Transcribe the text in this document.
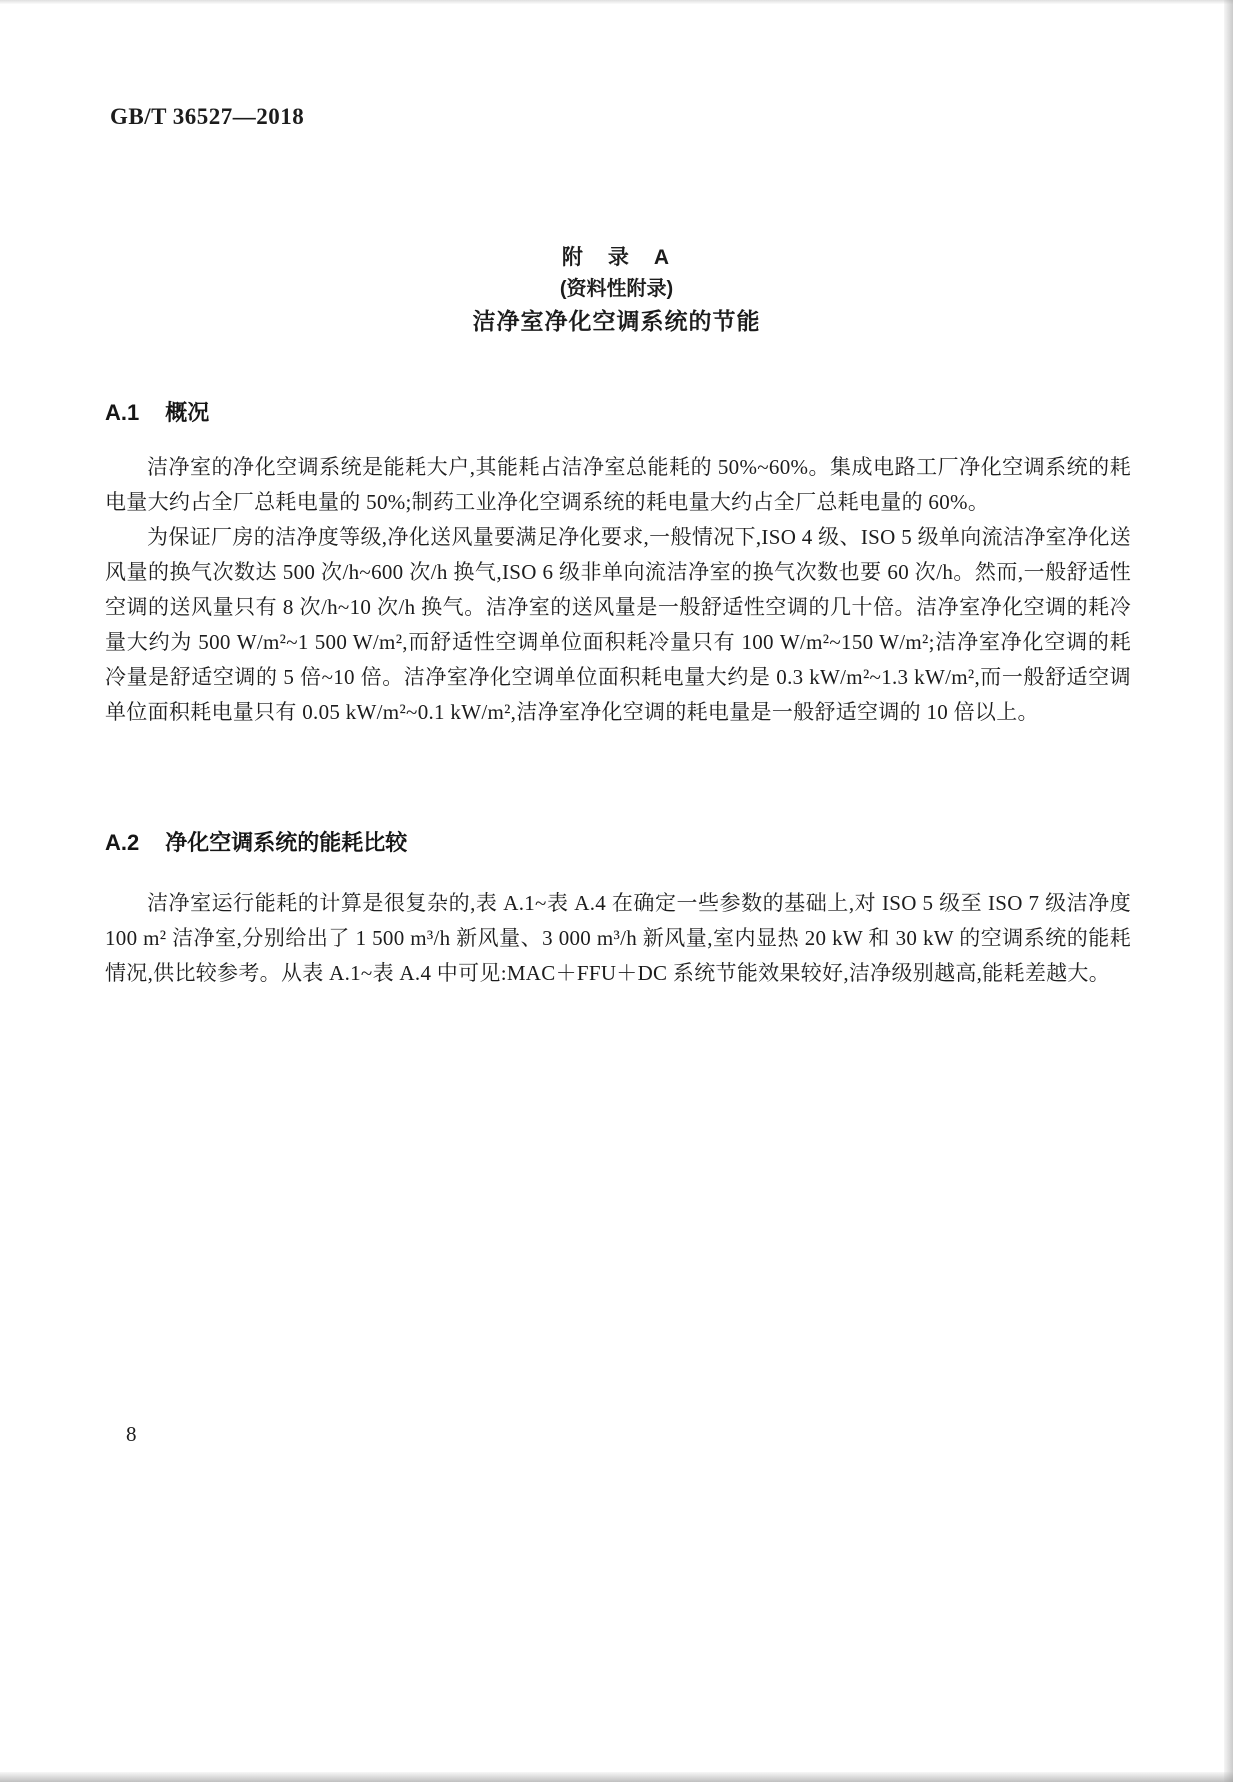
GB/T 36527—2018
附　录　A
(资料性附录)
洁净室净化空调系统的节能
A.1 概况

洁净室的净化空调系统是能耗大户,其能耗占洁净室总能耗的 50%~60%。集成电路工厂净化空调系统的耗电量大约占全厂总耗电量的 50%;制药工业净化空调系统的耗电量大约占全厂总耗电量的 60%。

为保证厂房的洁净度等级,净化送风量要满足净化要求,一般情况下,ISO 4 级、ISO 5 级单向流洁净室净化送风量的换气次数达 500 次/h~600 次/h 换气,ISO 6 级非单向流洁净室的换气次数也要 60 次/h。然而,一般舒适性空调的送风量只有 8 次/h~10 次/h 换气。洁净室的送风量是一般舒适性空调的几十倍。洁净室净化空调的耗冷量大约为 500 W/m²~1 500 W/m²,而舒适性空调单位面积耗冷量只有 100 W/m²~150 W/m²;洁净室净化空调的耗冷量是舒适空调的 5 倍~10 倍。洁净室净化空调单位面积耗电量大约是 0.3 kW/m²~1.3 kW/m²,而一般舒适空调单位面积耗电量只有 0.05 kW/m²~0.1 kW/m²,洁净室净化空调的耗电量是一般舒适空调的 10 倍以上。

A.2 净化空调系统的能耗比较

洁净室运行能耗的计算是很复杂的,表 A.1~表 A.4 在确定一些参数的基础上,对 ISO 5 级至 ISO 7 级洁净度 100 m² 洁净室,分别给出了 1 500 m³/h 新风量、3 000 m³/h 新风量,室内显热 20 kW 和 30 kW 的空调系统的能耗情况,供比较参考。从表 A.1~表 A.4 中可见:MAC＋FFU＋DC 系统节能效果较好,洁净级别越高,能耗差越大。

8
